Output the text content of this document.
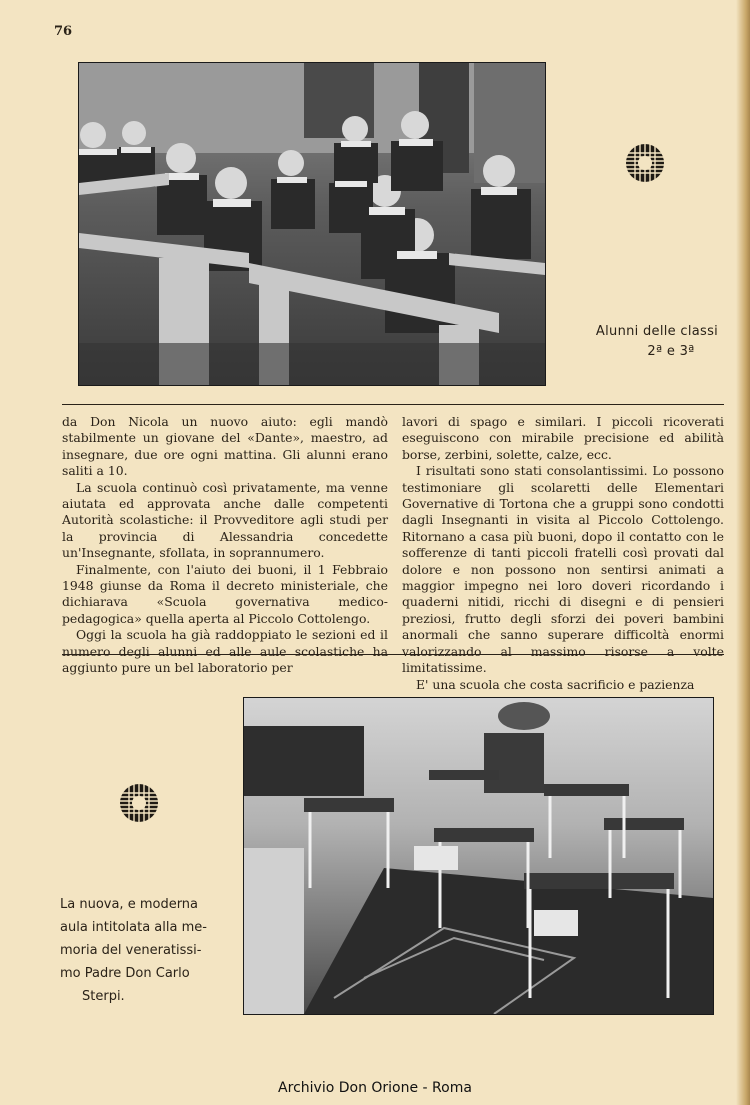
76
Alunni delle classi
2ª e 3ª

da Don Nicola un nuovo aiuto: egli mandò stabilmente un giovane del «Dante», maestro, ad insegnare, due ore ogni mattina. Gli alunni erano saliti a 10.

La scuola continuò così privatamente, ma venne aiutata ed approvata anche dalle competenti Autorità scolastiche: il Provveditore agli studi per la provincia di Alessandria concedette un'Insegnante, sfollata, in soprannumero.

Finalmente, con l'aiuto dei buoni, il 1 Febbraio 1948 giunse da Roma il decreto ministeriale, che dichiarava «Scuola governativa medico-pedagogica» quella aperta al Piccolo Cottolengo.

Oggi la scuola ha già raddoppiato le sezioni ed il numero degli alunni ed alle aule scolastiche ha aggiunto pure un bel laboratorio per

lavori di spago e similari. I piccoli ricoverati eseguiscono con mirabile precisione ed abilità borse, zerbini, solette, calze, ecc.

I risultati sono stati consolantissimi. Lo possono testimoniare gli scolaretti delle Elementari Governative di Tortona che a gruppi sono condotti dagli Insegnanti in visita al Piccolo Cottolengo. Ritornano a casa più buoni, dopo il contatto con le sofferenze di tanti piccoli fratelli così provati dal dolore e non possono non sentirsi animati a maggior impegno nei loro doveri ricordando i quaderni nitidi, ricchi di disegni e di pensieri preziosi, frutto degli sforzi dei poveri bambini anormali che sanno superare difficoltà enormi valorizzando al massimo risorse a volte limitatissime.

E' una scuola che costa sacrificio e pazienza

La nuova, e moderna
aula intitolata alla me-
moria del veneratissi-
mo Padre Don Carlo
Sterpi.
Archivio Don Orione - Roma
